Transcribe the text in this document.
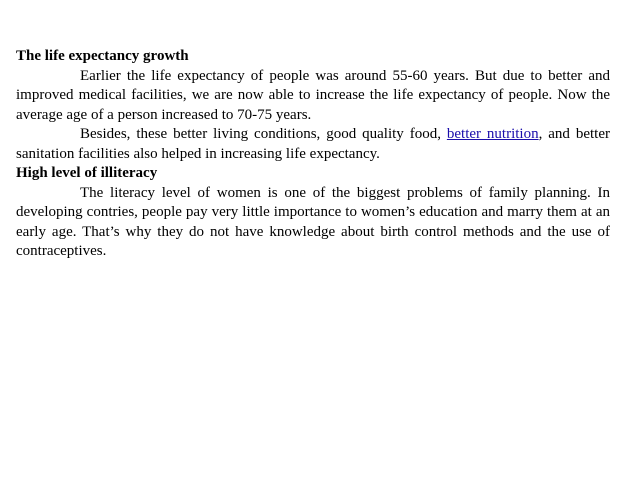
The life expectancy growth

Earlier the life expectancy of people was around 55-60 years. But due to better and improved medical facilities, we are now able to increase the life expectancy of people. Now the average age of a person increased to 70-75 years.

Besides, these better living conditions, good quality food, better nutrition, and better sanitation facilities also helped in increasing life expectancy.

High level of illiteracy

The literacy level of women is one of the biggest problems of family planning. In developing contries, people pay very little importance to women’s education and marry them at an early age. That’s why they do not have knowledge about birth control methods and the use of contraceptives.
